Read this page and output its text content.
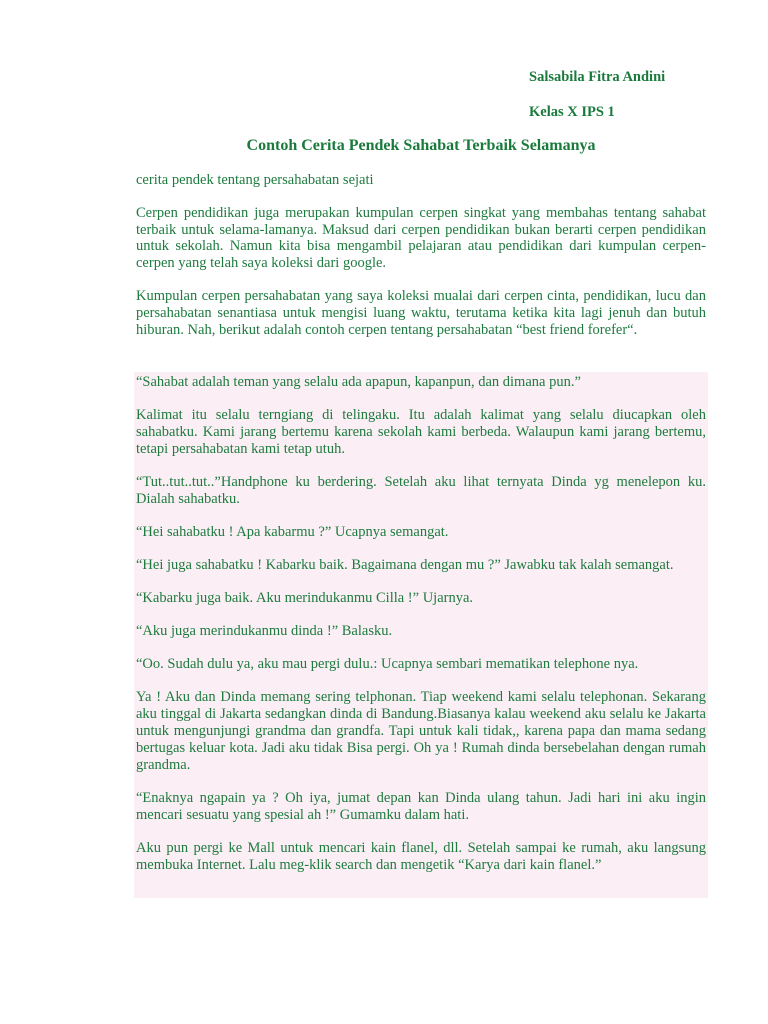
Salsabila Fitra Andini
Kelas X IPS 1
Contoh Cerita Pendek Sahabat Terbaik Selamanya

cerita pendek tentang persahabatan sejati

Cerpen pendidikan juga merupakan kumpulan cerpen singkat yang membahas tentang sahabat terbaik untuk selama-lamanya. Maksud dari cerpen pendidikan bukan berarti cerpen pendidikan untuk sekolah. Namun kita bisa mengambil pelajaran atau pendidikan dari kumpulan cerpen-cerpen yang telah saya koleksi dari google.

Kumpulan cerpen persahabatan yang saya koleksi mualai dari cerpen cinta, pendidikan, lucu dan persahabatan senantiasa untuk mengisi luang waktu, terutama ketika kita lagi jenuh dan butuh hiburan. Nah, berikut adalah contoh cerpen tentang persahabatan “best friend forefer“.

“Sahabat adalah teman yang selalu ada apapun, kapanpun, dan dimana pun.”

Kalimat itu selalu terngiang di telingaku. Itu adalah kalimat yang selalu diucapkan oleh sahabatku. Kami jarang bertemu karena sekolah kami berbeda. Walaupun kami jarang bertemu, tetapi persahabatan kami tetap utuh.

“Tut..tut..tut..”Handphone ku berdering. Setelah aku lihat ternyata Dinda yg menelepon ku. Dialah sahabatku.

“Hei sahabatku ! Apa kabarmu ?” Ucapnya semangat.

“Hei juga sahabatku ! Kabarku baik. Bagaimana dengan mu ?” Jawabku tak kalah semangat.

“Kabarku juga baik. Aku merindukanmu Cilla !” Ujarnya.

“Aku juga merindukanmu dinda !” Balasku.

“Oo. Sudah dulu ya, aku mau pergi dulu.: Ucapnya sembari mematikan telephone nya.

Ya ! Aku dan Dinda memang sering telphonan. Tiap weekend kami selalu telephonan. Sekarang aku tinggal di Jakarta sedangkan dinda di Bandung.Biasanya kalau weekend aku selalu ke Jakarta untuk mengunjungi grandma dan grandfa. Tapi untuk kali tidak,, karena papa dan mama sedang bertugas keluar kota. Jadi aku tidak Bisa pergi. Oh ya ! Rumah dinda bersebelahan dengan rumah grandma.

“Enaknya ngapain ya ? Oh iya, jumat depan kan Dinda ulang tahun. Jadi hari ini aku ingin mencari sesuatu yang spesial ah !” Gumamku dalam hati.

Aku pun pergi ke Mall untuk mencari kain flanel, dll. Setelah sampai ke rumah, aku langsung membuka Internet. Lalu meg-klik search dan mengetik “Karya dari kain flanel.”
